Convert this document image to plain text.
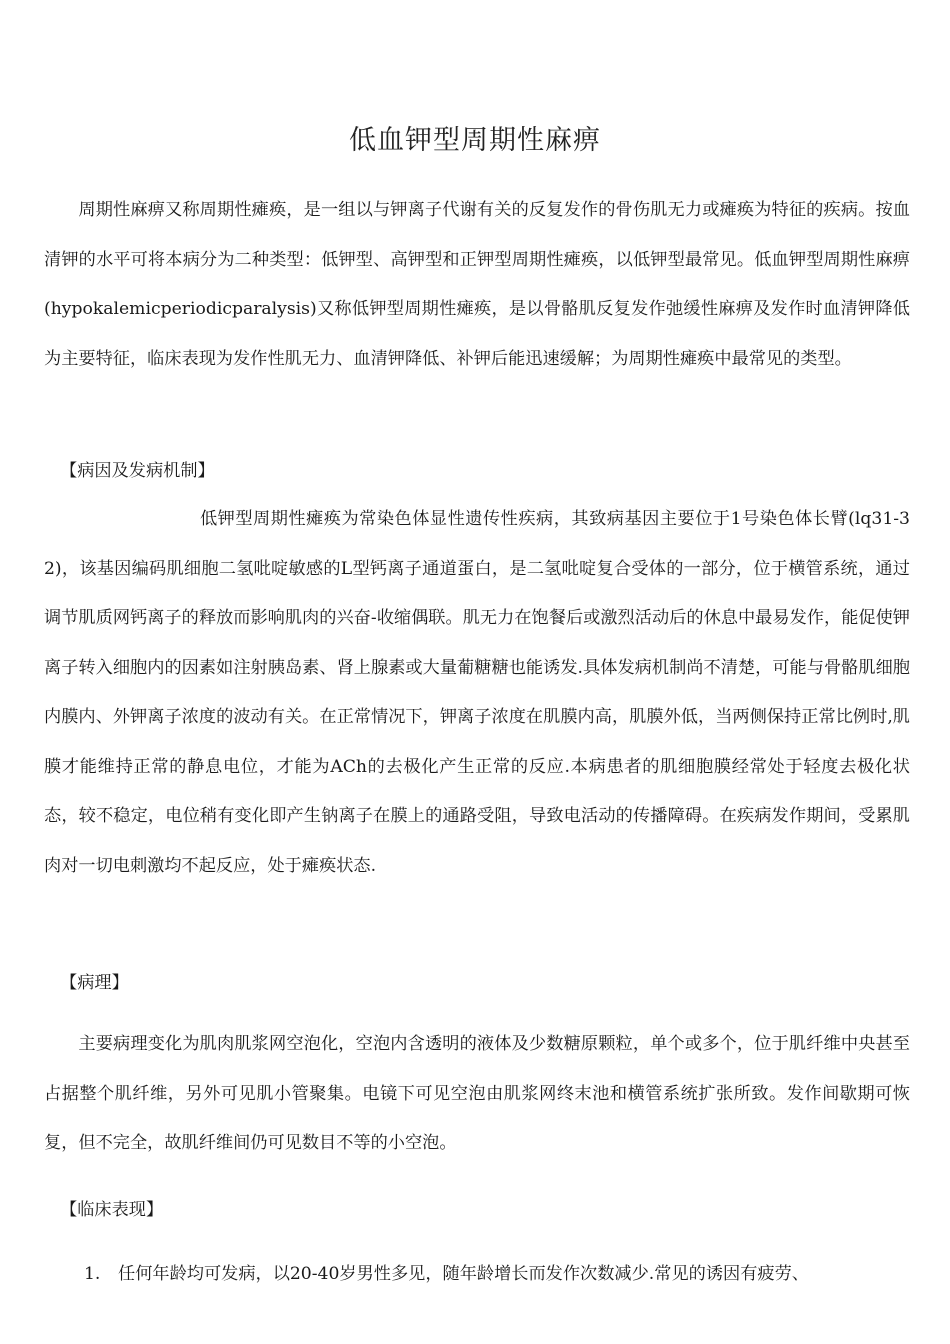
低血钾型周期性麻痹

周期性麻痹又称周期性瘫痪，是一组以与钾离子代谢有关的反复发作的骨伤肌无力或瘫痪为特征的疾病。按血清钾的水平可将本病分为二种类型：低钾型、高钾型和正钾型周期性瘫痪，以低钾型最常见。低血钾型周期性麻痹(hypokalemicperiodicparalysis)又称低钾型周期性瘫痪，是以骨骼肌反复发作弛缓性麻痹及发作时血清钾降低为主要特征，临床表现为发作性肌无力、血清钾降低、补钾后能迅速缓解；为周期性瘫痪中最常见的类型。

【病因及发病机制】

低钾型周期性瘫痪为常染色体显性遗传性疾病，其致病基因主要位于1号染色体长臂(lq31-32)，该基因编码肌细胞二氢吡啶敏感的L型钙离子通道蛋白，是二氢吡啶复合受体的一部分，位于横管系统，通过调节肌质网钙离子的释放而影响肌肉的兴奋-收缩偶联。肌无力在饱餐后或激烈活动后的休息中最易发作，能促使钾离子转入细胞内的因素如注射胰岛素、肾上腺素或大量葡糖糖也能诱发.具体发病机制尚不清楚，可能与骨骼肌细胞内膜内、外钾离子浓度的波动有关。在正常情况下，钾离子浓度在肌膜内高，肌膜外低，当两侧保持正常比例时,肌膜才能维持正常的静息电位，才能为ACh的去极化产生正常的反应.本病患者的肌细胞膜经常处于轻度去极化状态，较不稳定，电位稍有变化即产生钠离子在膜上的通路受阻，导致电活动的传播障碍。在疾病发作期间，受累肌肉对一切电刺激均不起反应，处于瘫痪状态.

【病理】

主要病理变化为肌肉肌浆网空泡化，空泡内含透明的液体及少数糖原颗粒，单个或多个，位于肌纤维中央甚至占据整个肌纤维，另外可见肌小管聚集。电镜下可见空泡由肌浆网终末池和横管系统扩张所致。发作间歇期可恢复，但不完全，故肌纤维间仍可见数目不等的小空泡。

【临床表现】

1. 任何年龄均可发病，以20-40岁男性多见，随年龄增长而发作次数减少.常见的诱因有疲劳、
